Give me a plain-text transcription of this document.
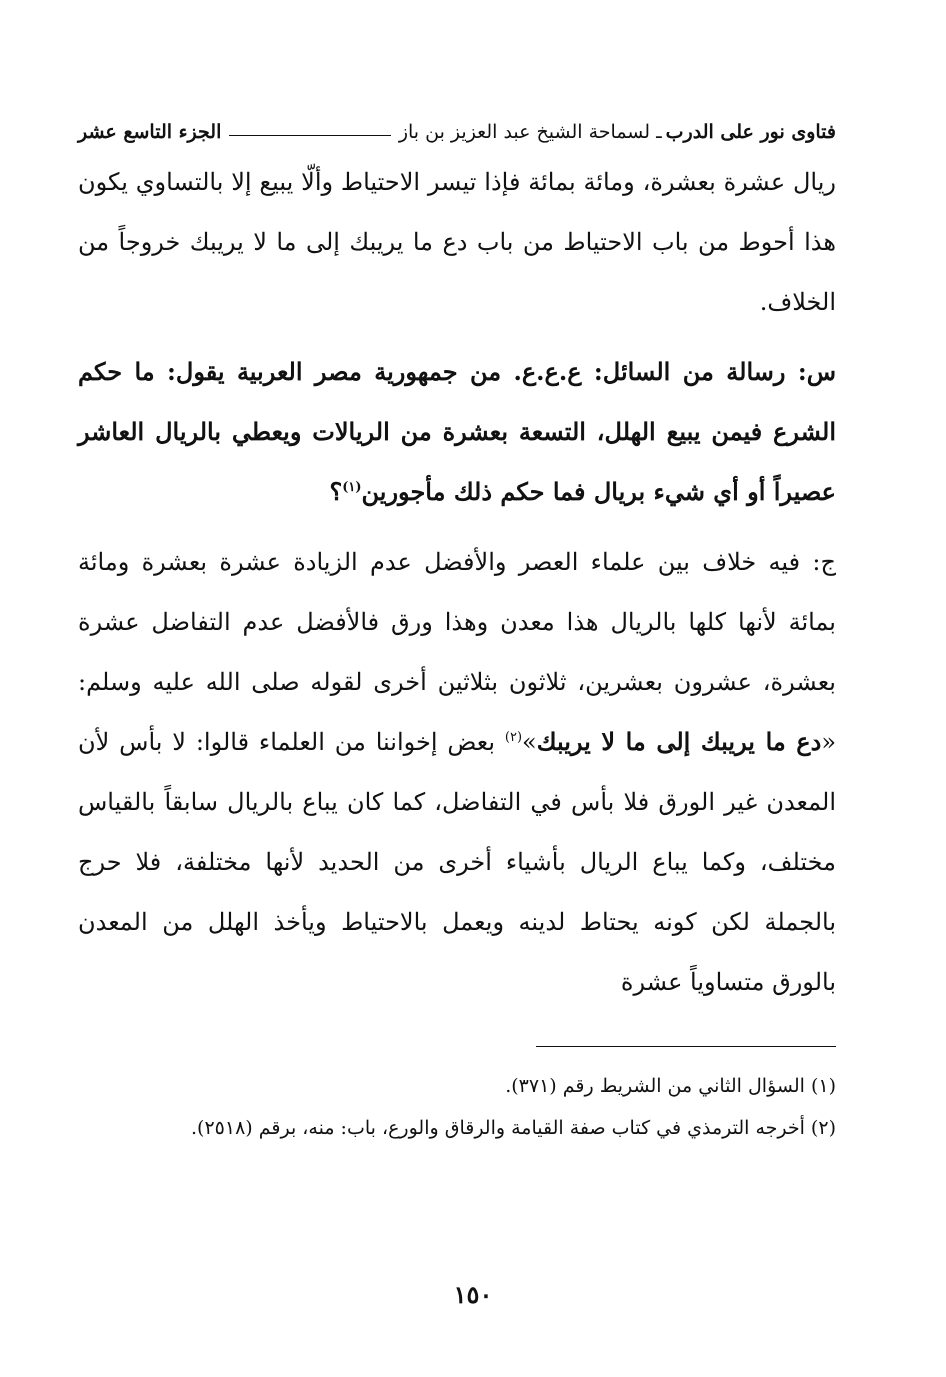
فتاوى نور على الدرب
ـ لسماحة الشيخ عبد العزيز بن باز
الجزء التاسع عشر
ريال عشرة بعشرة، ومائة بمائة فإذا تيسر الاحتياط وألّا يبيع إلا بالتساوي يكون هذا أحوط من باب الاحتياط من باب دع ما يريبك إلى ما لا يريبك خروجاً من الخلاف.
س: رسالة من السائل: ع.ع.ع. من جمهورية مصر العربية يقول: ما حكم الشرع فيمن يبيع الهلل، التسعة بعشرة من الريالات ويعطي بالريال العاشر عصيراً أو أي شيء بريال فما حكم ذلك مأجورين$^{(١)}$؟
ج: فيه خلاف بين علماء العصر والأفضل عدم الزيادة عشرة بعشرة ومائة بمائة لأنها كلها بالريال هذا معدن وهذا ورق فالأفضل عدم التفاضل عشرة بعشرة، عشرون بعشرين، ثلاثون بثلاثين أخرى لقوله صلى الله عليه وسلم: «دع ما يريبك إلى ما لا يريبك»$^{(٢)}$ بعض إخواننا من العلماء قالوا: لا بأس لأن المعدن غير الورق فلا بأس في التفاضل، كما كان يباع بالريال سابقاً بالقياس مختلف، وكما يباع الريال بأشياء أخرى من الحديد لأنها مختلفة، فلا حرج بالجملة لكن كونه يحتاط لدينه ويعمل بالاحتياط ويأخذ الهلل من المعدن بالورق متساوياً عشرة
(١) السؤال الثاني من الشريط رقم (٣٧١).
(٢) أخرجه الترمذي في كتاب صفة القيامة والرقاق والورع، باب: منه، برقم (٢٥١٨).
١٥٠
